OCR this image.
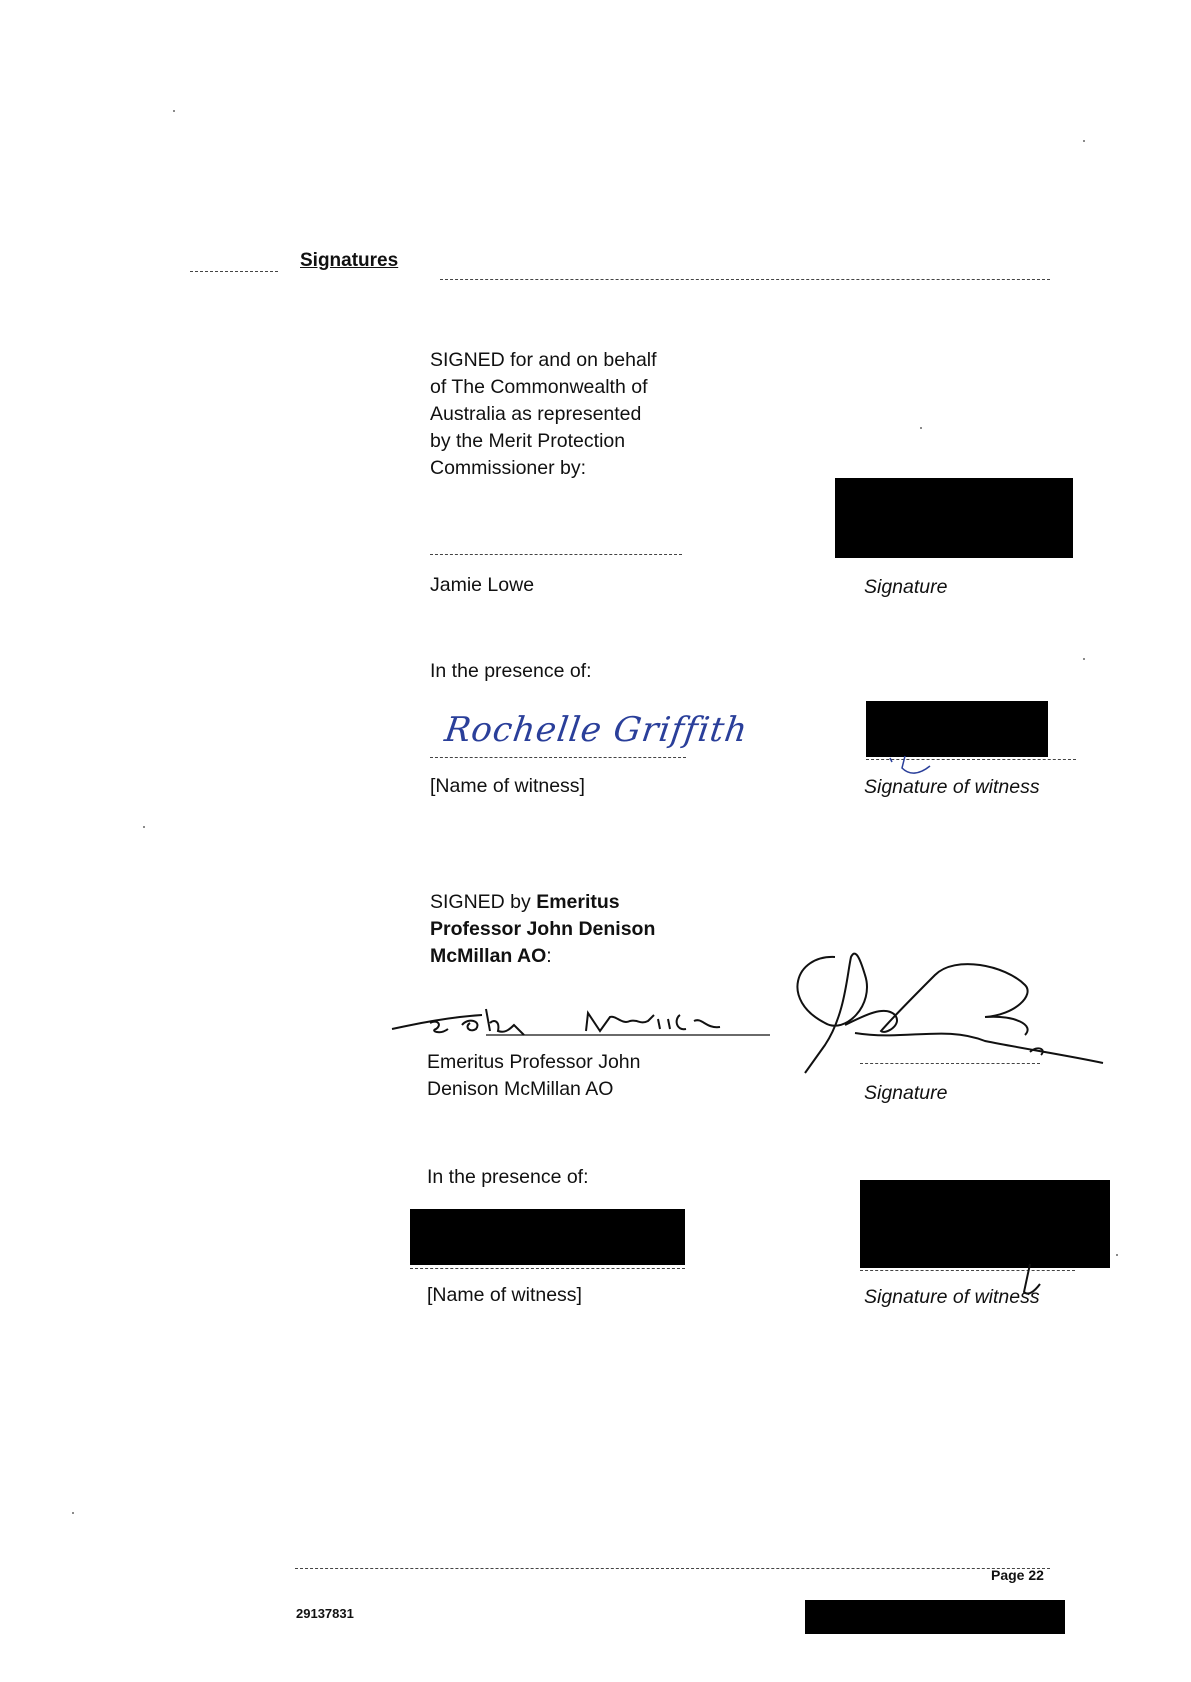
Signatures
SIGNED for and on behalf
of The Commonwealth of
Australia as represented
by the Merit Protection
Commissioner by:
Jamie Lowe	Signature
In the presence of:
Rochelle Griffith
[Name of witness]	Signature of witness
SIGNED by Emeritus
Professor John Denison
McMillan AO:
Emeritus Professor John
Denison McMillan AO	Signature
In the presence of:
[Name of witness]	Signature of witness
Page 22
29137831
